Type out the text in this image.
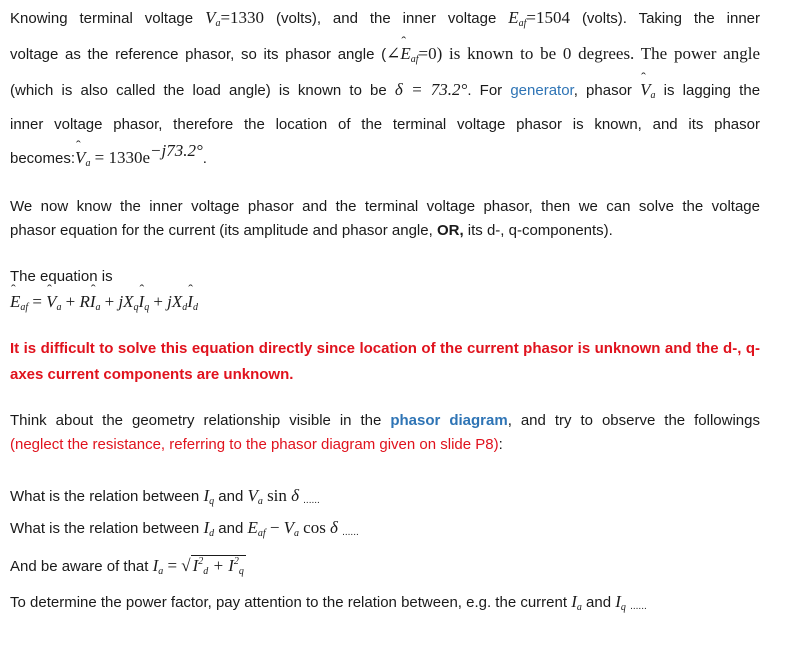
Knowing terminal voltage $V_a=1330$ (volts), and the inner voltage $E_{af}=1504$ (volts). Taking the inner
voltage as the reference phasor, so its phasor angle (∠ˆ $E_{af}=0$) is known to be 0 degrees. The power angle
(which is also called the load angle) is known to be δ = 73.2°. For generator, phasor ˆ $V_a$ is lagging the
inner voltage phasor, therefore the location of the terminal voltage phasor is known, and its phasor
becomes:ˆ $V_a = 1330e^{-j73.2^\circ}$.
We now know the inner voltage phasor and the terminal voltage phasor, then we can solve the voltage
phasor equation for the current (its amplitude and phasor angle, OR, its d-, q-components).
The equation is
ˆ $E_{af}$ = ˆ $V_a$ + Rˆ $I_a$ + $jX_qˆ$ $I_q$ + $jX_dˆ$ $I_d$
It is difficult to solve this equation directly since location of the current phasor is unknown and the d-, q-
axes current components are unknown.
Think about the geometry relationship visible in the phasor diagram, and try to observe the followings
(neglect the resistance, referring to the phasor diagram given on slide P8):
What is the relation between $I_q$ and $V_a$ sin δ ......
What is the relation between $I_d$ and $E_{af} - V_a$ cos δ ......
And be aware of that $I_a$ = √ $I^2_d + I^2_q$
To determine the power factor, pay attention to the relation between, e.g. the current $I_a$ and $I_q$ ......
